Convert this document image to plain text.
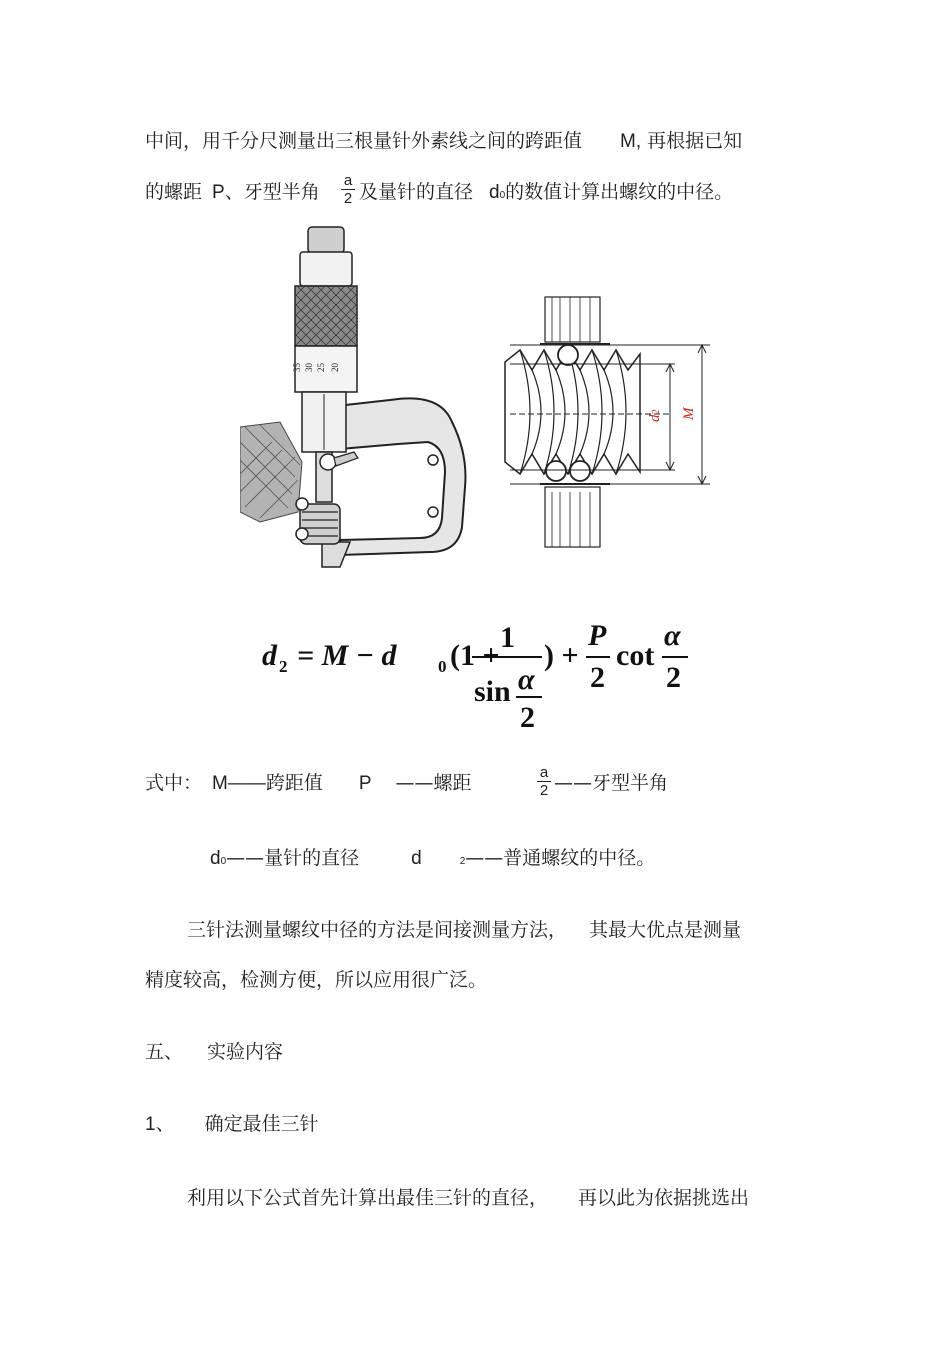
中间，用千分尺测量出三根量针外素线之间的跨距值 M, 再根据已知
的螺距 P、牙型半角
a
2 及量针的直径 d0的数值计算出螺纹的中径。
35 30 25 20
d2 M
d 2 = M − d 0 (1 +
1
sin α
2
) +
P
2
cot
α
2
式中： M——跨距值 P ——螺距	a
2 ——牙型半角
d0——量针的直径	d	2——普通螺纹的中径。
三针法测量螺纹中径的方法是间接测量方法， 其最大优点是测量
精度较高，检测方便，所以应用很广泛。
五、 实验内容
1、 确定最佳三针
利用以下公式首先计算出最佳三针的直径， 再以此为依据挑选出
